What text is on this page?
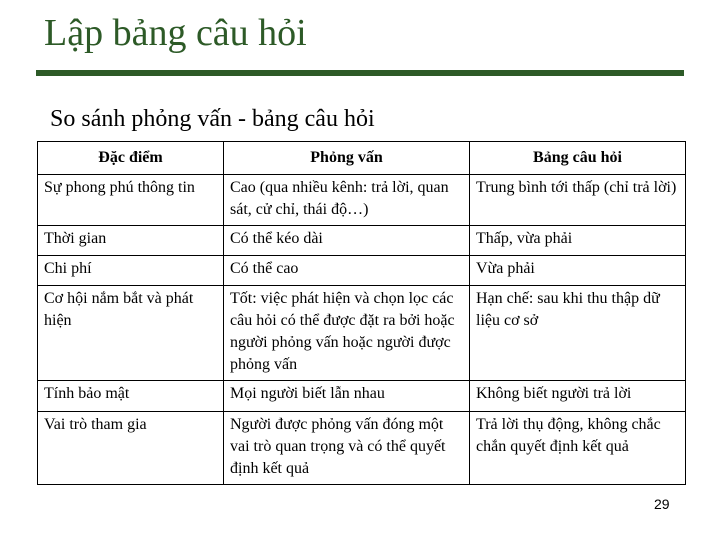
Lập bảng câu hỏi
So sánh phỏng vấn - bảng câu hỏi
Đặc điểm	Phỏng vấn	Bảng câu hỏi
Sự phong phú thông tin	Cao (qua nhiều kênh: trả lời, quan sát, cử chỉ, thái độ…)	Trung bình tới thấp (chỉ trả lời)
Thời gian	Có thể kéo dài	Thấp, vừa phải
Chi phí	Có thể cao	Vừa phải
Cơ hội nắm bắt và phát hiện	Tốt: việc phát hiện và chọn lọc các câu hỏi có thể được đặt ra bởi hoặc người phỏng vấn hoặc người được phỏng vấn	Hạn chế: sau khi thu thập dữ liệu cơ sở
Tính bảo mật	Mọi người biết lẫn nhau	Không biết người trả lời
Vai trò tham gia	Người được phỏng vấn đóng một vai trò quan trọng và có thể quyết định kết quả	Trả lời thụ động, không chắc chắn quyết định kết quả
29
